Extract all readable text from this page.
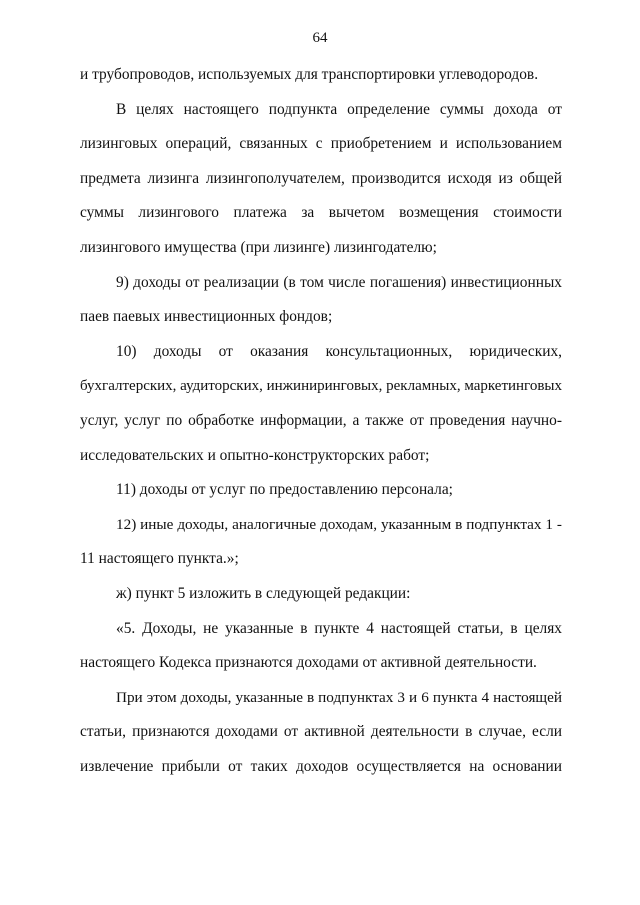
64
и трубопроводов, используемых для транспортировки углеводородов.
В целях настоящего подпункта определение суммы дохода от
лизинговых операций, связанных с приобретением и использованием
предмета лизинга лизингополучателем, производится исходя из общей
суммы лизингового платежа за вычетом возмещения стоимости
лизингового имущества (при лизинге) лизингодателю;
9) доходы от реализации (в том числе погашения) инвестиционных
паев паевых инвестиционных фондов;
10) доходы от оказания консультационных, юридических,
бухгалтерских, аудиторских, инжиниринговых, рекламных, маркетинговых
услуг, услуг по обработке информации, а также от проведения научно-
исследовательских и опытно-конструкторских работ;
11) доходы от услуг по предоставлению персонала;
12) иные доходы, аналогичные доходам, указанным в подпунктах 1 -
11 настоящего пункта.»;
ж) пункт 5 изложить в следующей редакции:
«5. Доходы, не указанные в пункте 4 настоящей статьи, в целях
настоящего Кодекса признаются доходами от активной деятельности.
При этом доходы, указанные в подпунктах 3 и 6 пункта 4 настоящей
статьи, признаются доходами от активной деятельности в случае, если
извлечение прибыли от таких доходов осуществляется на основании
